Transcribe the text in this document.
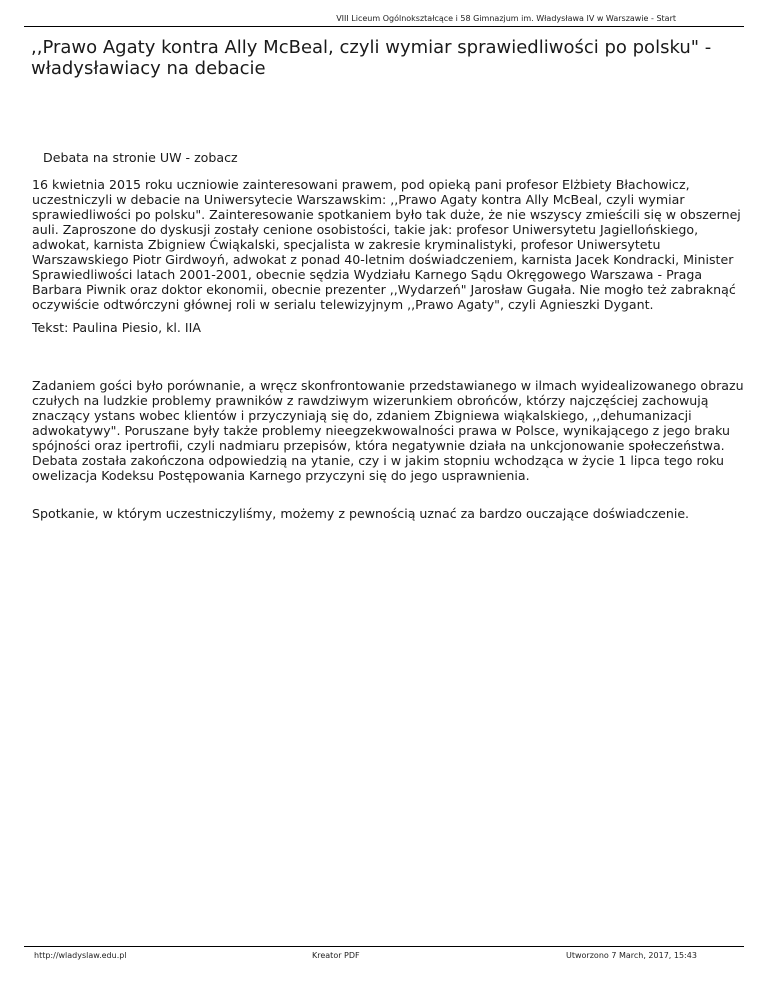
VIII Liceum Ogólnokształcące i 58 Gimnazjum im. Władysława IV w Warszawie - Start
,,Prawo Agaty kontra Ally McBeal, czyli wymiar sprawiedliwości po polsku" - władysławiacy na debacie

Debata na stronie UW - zobacz

16 kwietnia 2015 roku uczniowie zainteresowani prawem, pod opieką pani profesor Elżbiety Błachowicz, uczestniczyli w debacie na Uniwersytecie Warszawskim: ,,Prawo Agaty kontra Ally McBeal, czyli wymiar sprawiedliwości po polsku". Zainteresowanie spotkaniem było tak duże, że nie wszyscy zmieścili się w obszernej auli. Zaproszone do dyskusji zostały cenione osobistości, takie jak: profesor Uniwersytetu Jagiellońskiego, adwokat, karnista Zbigniew Ćwiąkalski, specjalista w zakresie kryminalistyki, profesor Uniwersytetu Warszawskiego Piotr Girdwoyń, adwokat z ponad 40-letnim doświadczeniem, karnista Jacek Kondracki, Minister Sprawiedliwości latach 2001-2001, obecnie sędzia Wydziału Karnego Sądu Okręgowego Warszawa - Praga Barbara Piwnik oraz doktor ekonomii, obecnie prezenter ,,Wydarzeń" Jarosław Gugała. Nie mogło też zabraknąć oczywiście odtwórczyni głównej roli w serialu telewizyjnym ,,Prawo Agaty", czyli Agnieszki Dygant.

Tekst: Paulina Piesio, kl. IIA

Zadaniem gości było porównanie, a wręcz skonfrontowanie przedstawianego w ilmach wyidealizowanego obrazu czułych na ludzkie problemy prawników z rawdziwym wizerunkiem obrońców, którzy najczęściej zachowują znaczący ystans wobec klientów i przyczyniają się do, zdaniem Zbigniewa wiąkalskiego, ,,dehumanizacji adwokatywy". Poruszane były także problemy nieegzekwowalności prawa w Polsce, wynikającego z jego braku spójności oraz ipertrofii, czyli nadmiaru przepisów, która negatywnie działa na unkcjonowanie społeczeństwa. Debata została zakończona odpowiedzią na ytanie, czy i w jakim stopniu wchodząca w życie 1 lipca tego roku owelizacja Kodeksu Postępowania Karnego przyczyni się do jego usprawnienia.

Spotkanie, w którym uczestniczyliśmy, możemy z pewnością uznać za bardzo ouczające doświadczenie.

http://wladyslaw.edu.pl	Kreator PDF	Utworzono 7 March, 2017, 15:43
